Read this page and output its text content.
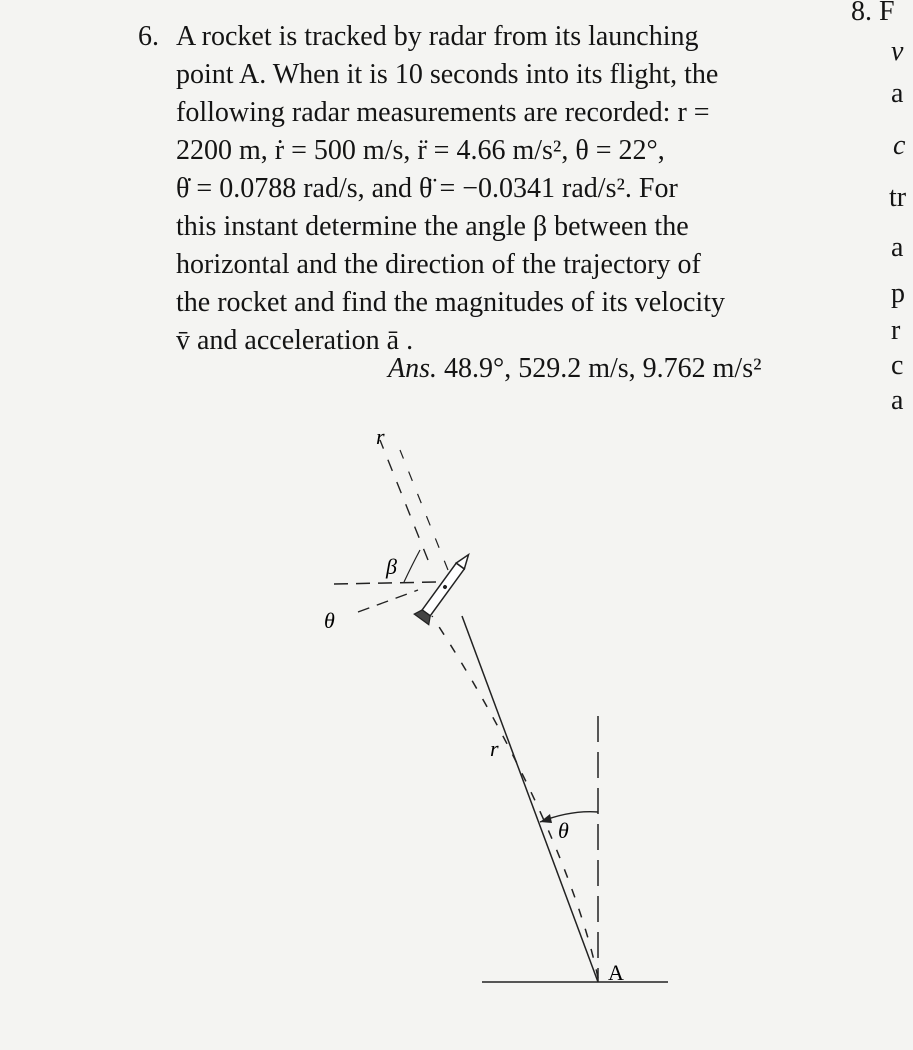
6. A rocket is tracked by radar from its launching
point A. When it is 10 seconds into its flight, the
following radar measurements are recorded: r =
2200 m, ṙ = 500 m/s, r̈ = 4.66 m/s², θ = 22°,
θ̇ = 0.0788 rad/s, and θ̈ = −0.0341 rad/s². For
this instant determine the angle β between the
horizontal and the direction of the trajectory of
the rocket and find the magnitudes of its velocity
v̄ and acceleration ā .
Ans. 48.9°, 529.2 m/s, 9.762 m/s²
8. F
v
a
c
tr
a
p
r
c
a
r
β
θ
r
θ
A
